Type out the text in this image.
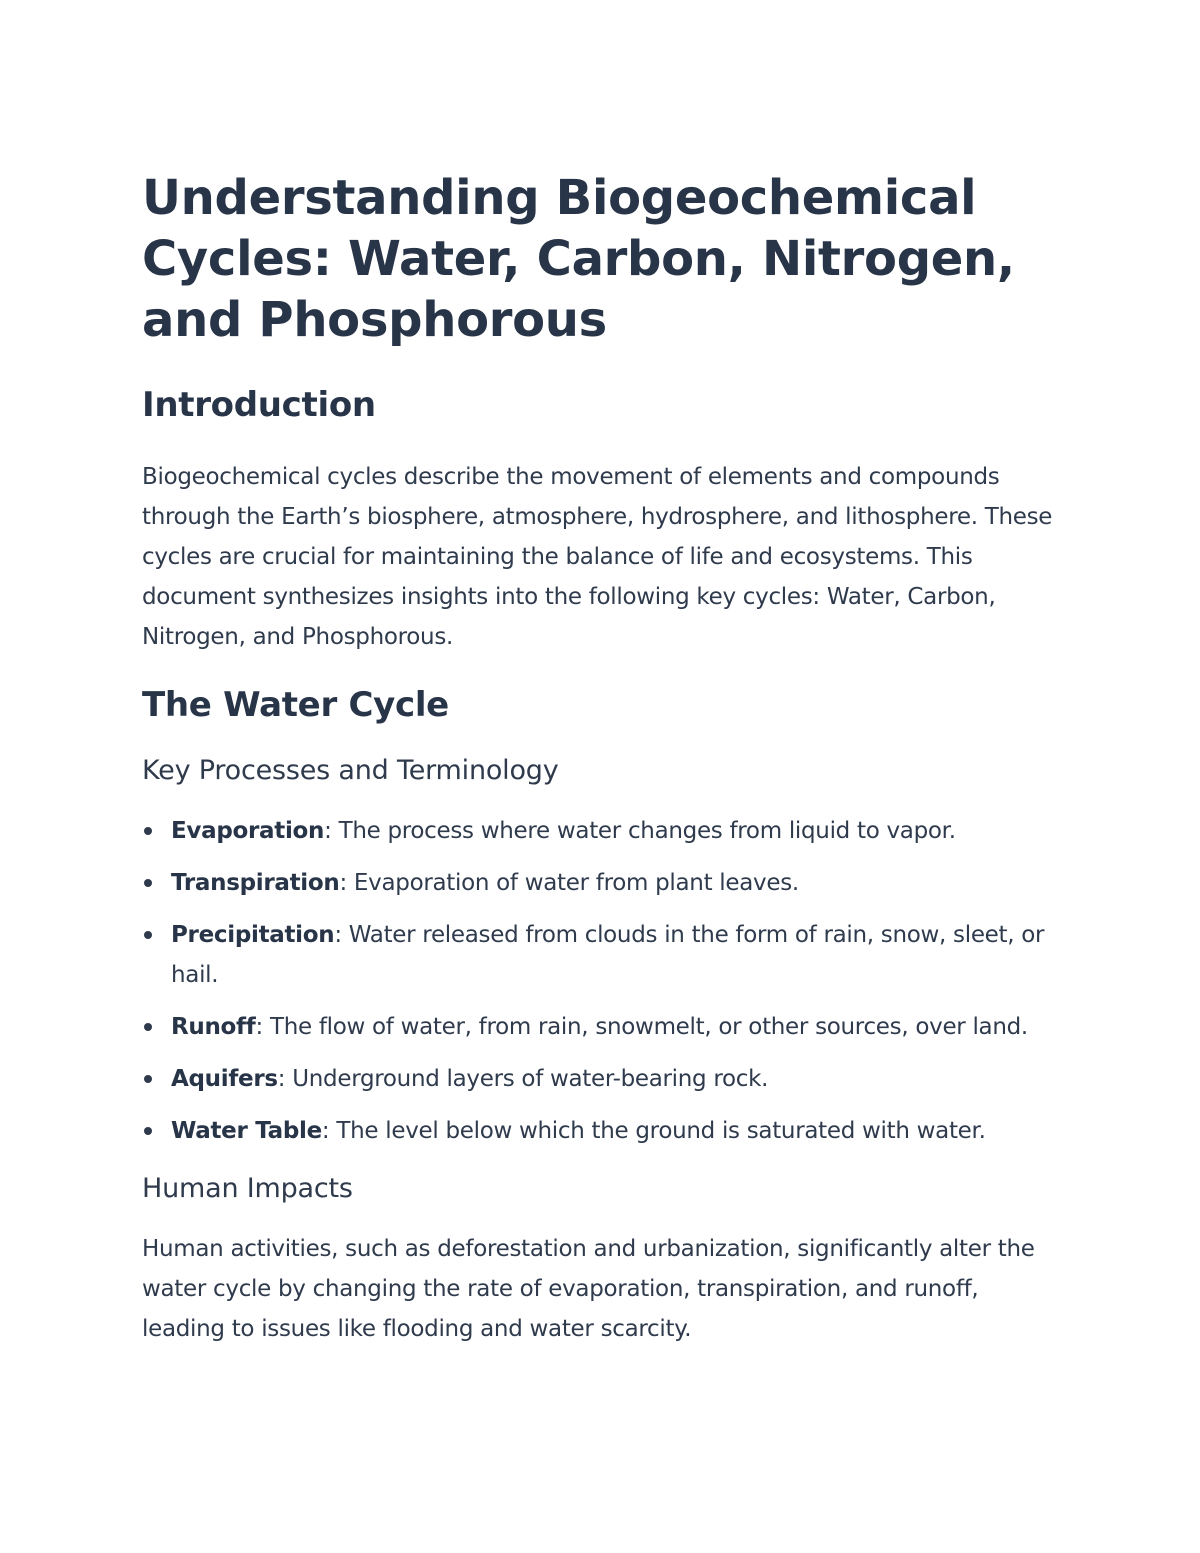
Understanding Biogeochemical Cycles: Water, Carbon, Nitrogen, and Phosphorous
Introduction

Biogeochemical cycles describe the movement of elements and compounds through the Earth’s biosphere, atmosphere, hydrosphere, and lithosphere. These cycles are crucial for maintaining the balance of life and ecosystems. This document synthesizes insights into the following key cycles: Water, Carbon, Nitrogen, and Phosphorous.

The Water Cycle
Key Processes and Terminology
Evaporation: The process where water changes from liquid to vapor.
Transpiration: Evaporation of water from plant leaves.
Precipitation: Water released from clouds in the form of rain, snow, sleet, or hail.
Runoff: The flow of water, from rain, snowmelt, or other sources, over land.
Aquifers: Underground layers of water-bearing rock.
Water Table: The level below which the ground is saturated with water.
Human Impacts

Human activities, such as deforestation and urbanization, significantly alter the water cycle by changing the rate of evaporation, transpiration, and runoff, leading to issues like flooding and water scarcity.
